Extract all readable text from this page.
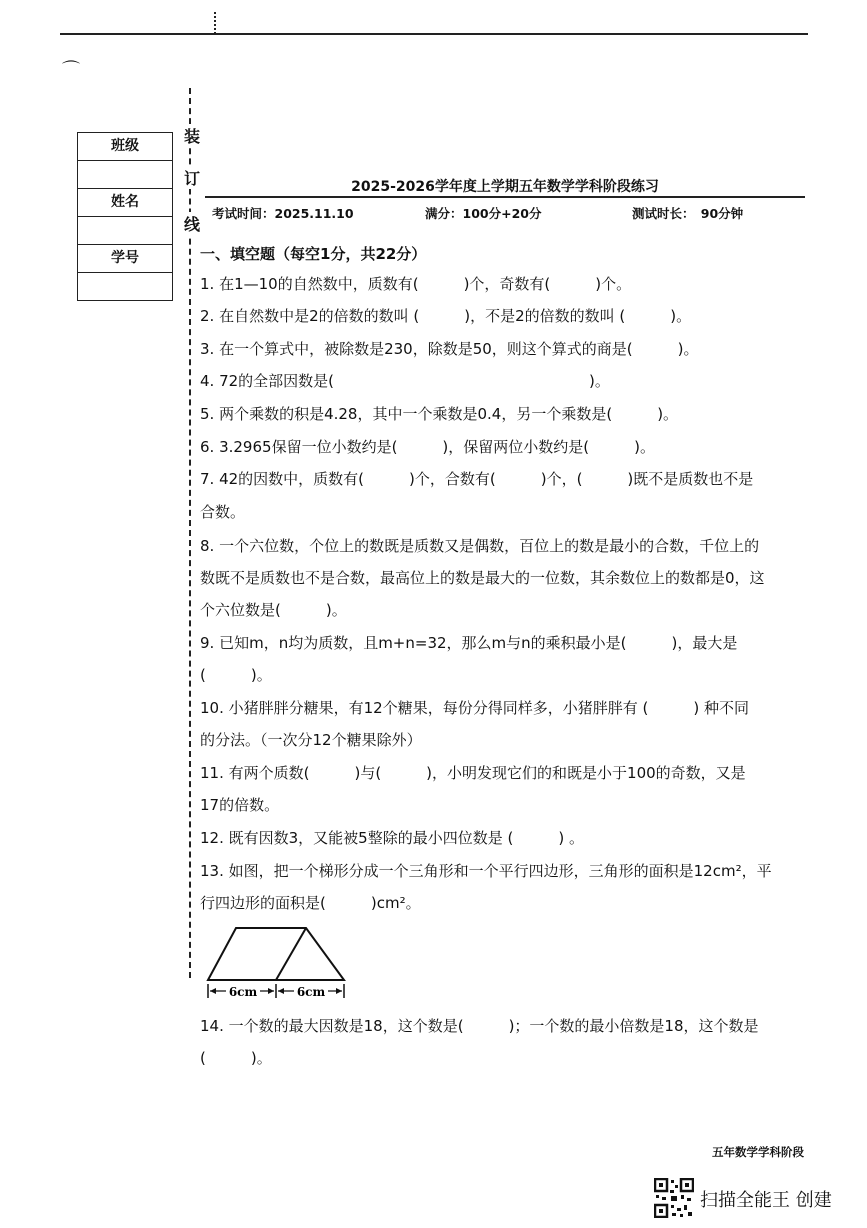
⌒
装
订
线
班级
姓名
学号
2025-2026学年度上学期五年数学学科阶段练习
考试时间：2025.11.10	满分：100分+20分	测试时长：　90分钟
一、填空题（每空1分，共22分）
1. 在1—10的自然数中，质数有(　　　)个，奇数有(　　　)个。
2. 在自然数中是2的倍数的数叫 (　　　)，不是2的倍数的数叫 (　　　)。
3. 在一个算式中，被除数是230，除数是50，则这个算式的商是(　　　)。
4. 72的全部因数是(　　　　　　　　　　　　　　　　　)。
5. 两个乘数的积是4.28，其中一个乘数是0.4，另一个乘数是(　　　)。
6. 3.2965保留一位小数约是(　　　)，保留两位小数约是(　　　)。
7. 42的因数中，质数有(　　　)个，合数有(　　　)个，(　　　)既不是质数也不是
合数。
8. 一个六位数，个位上的数既是质数又是偶数，百位上的数是最小的合数，千位上的
数既不是质数也不是合数，最高位上的数是最大的一位数，其余数位上的数都是0，这
个六位数是(　　　)。
9. 已知m，n均为质数，且m+n=32，那么m与n的乘积最小是(　　　)，最大是
(　　　)。
10. 小猪胖胖分糖果，有12个糖果，每份分得同样多，小猪胖胖有 (　　　) 种不同
的分法。（一次分12个糖果除外）
11. 有两个质数(　　　)与(　　　)，小明发现它们的和既是小于100的奇数，又是
17的倍数。
12. 既有因数3，又能被5整除的最小四位数是 (　　　) 。
13. 如图，把一个梯形分成一个三角形和一个平行四边形，三角形的面积是12cm²，平
行四边形的面积是(　　　)cm²。
6cm	6cm
14. 一个数的最大因数是18，这个数是(　　　)；一个数的最小倍数是18，这个数是
(　　　)。
五年数学学科阶段
扫描全能王 创建
